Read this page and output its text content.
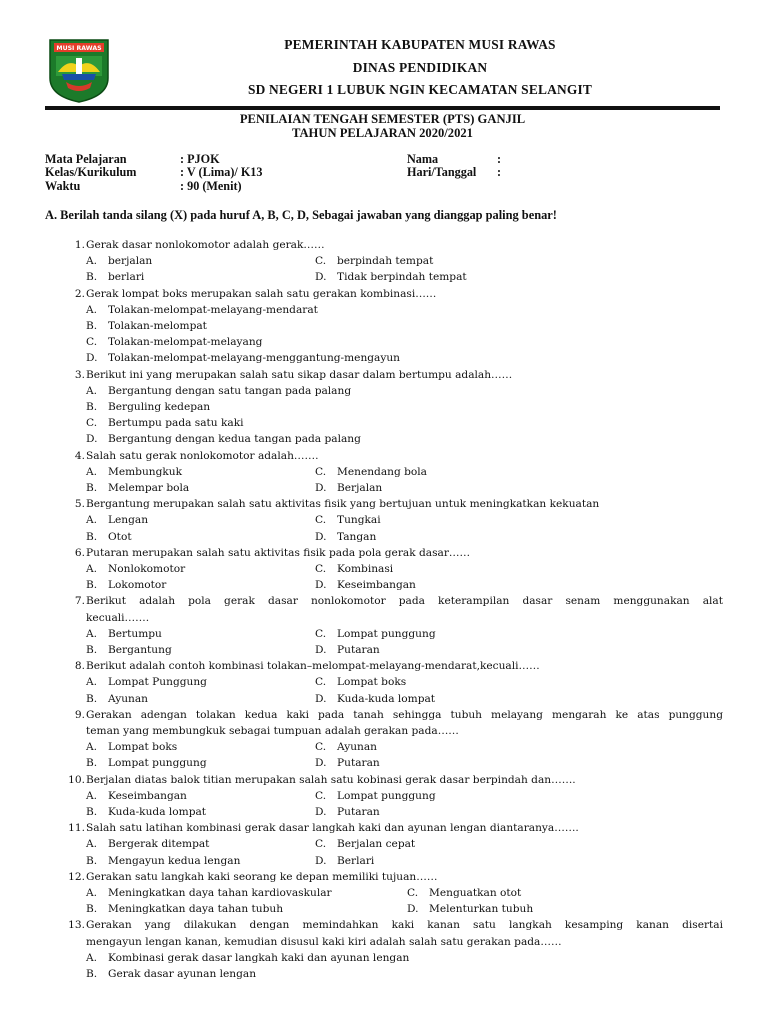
MUSI RAWAS	PEMERINTAH KABUPATEN MUSI RAWAS
DINAS PENDIDIKAN
SD NEGERI 1 LUBUK NGIN KECAMATAN SELANGIT
PENILAIAN TENGAH SEMESTER (PTS) GANJIL
TAHUN PELAJARAN 2020/2021
Mata Pelajaran	: PJOK
Kelas/Kurikulum	: V (Lima)/ K13
Waktu	: 90 (Menit)
Nama	:
Hari/Tanggal :
A. Berilah tanda silang (X) pada huruf A, B, C, D, Sebagai jawaban yang dianggap paling benar!
1. Gerak dasar nonlokomotor adalah gerak……
A. berjalan	C. berpindah tempat
B. berlari	D. Tidak berpindah tempat
2. Gerak lompat boks merupakan salah satu gerakan kombinasi……
A. Tolakan-melompat-melayang-mendarat
B. Tolakan-melompat
C. Tolakan-melompat-melayang
D. Tolakan-melompat-melayang-menggantung-mengayun
3. Berikut ini yang merupakan salah satu sikap dasar dalam bertumpu adalah……
A. Bergantung dengan satu tangan pada palang
B. Berguling kedepan
C. Bertumpu pada satu kaki
D. Bergantung dengan kedua tangan pada palang
4. Salah satu gerak nonlokomotor adalah…….
A. Membungkuk	C. Menendang bola
B. Melempar bola	D. Berjalan
5. Bergantung merupakan salah satu aktivitas fisik yang bertujuan untuk meningkatkan kekuatan
A. Lengan	C. Tungkai
B. Otot	D. Tangan
6. Putaran merupakan salah satu aktivitas fisik pada pola gerak dasar……
A. Nonlokomotor	C. Kombinasi
B. Lokomotor	D. Keseimbangan
7. Berikut adalah pola gerak dasar nonlokomotor pada keterampilan dasar senam menggunakan alat
kecuali…….
A. Bertumpu	C. Lompat punggung
B. Bergantung	D. Putaran
8. Berikut adalah contoh kombinasi tolakan–melompat-melayang-mendarat,kecuali……
A. Lompat Punggung	C. Lompat boks
B. Ayunan	D. Kuda-kuda lompat
9. Gerakan adengan tolakan kedua kaki pada tanah sehingga tubuh melayang mengarah ke atas punggung
teman yang membungkuk sebagai tumpuan adalah gerakan pada……
A. Lompat boks	C. Ayunan
B. Lompat punggung	D. Putaran
10. Berjalan diatas balok titian merupakan salah satu kobinasi gerak dasar berpindah dan…….
A. Keseimbangan	C. Lompat punggung
B. Kuda-kuda lompat	D. Putaran
11. Salah satu latihan kombinasi gerak dasar langkah kaki dan ayunan lengan diantaranya…….
A. Bergerak ditempat	C. Berjalan cepat
B. Mengayun kedua lengan	D. Berlari
12. Gerakan satu langkah kaki seorang ke depan memiliki tujuan……
A. Meningkatkan daya tahan kardiovaskular	C. Menguatkan otot
B. Meningkatkan daya tahan tubuh	D. Melenturkan tubuh
13. Gerakan yang dilakukan dengan memindahkan kaki kanan satu langkah kesamping kanan disertai
mengayun lengan kanan, kemudian disusul kaki kiri adalah salah satu gerakan pada……
A. Kombinasi gerak dasar langkah kaki dan ayunan lengan
B. Gerak dasar ayunan lengan
